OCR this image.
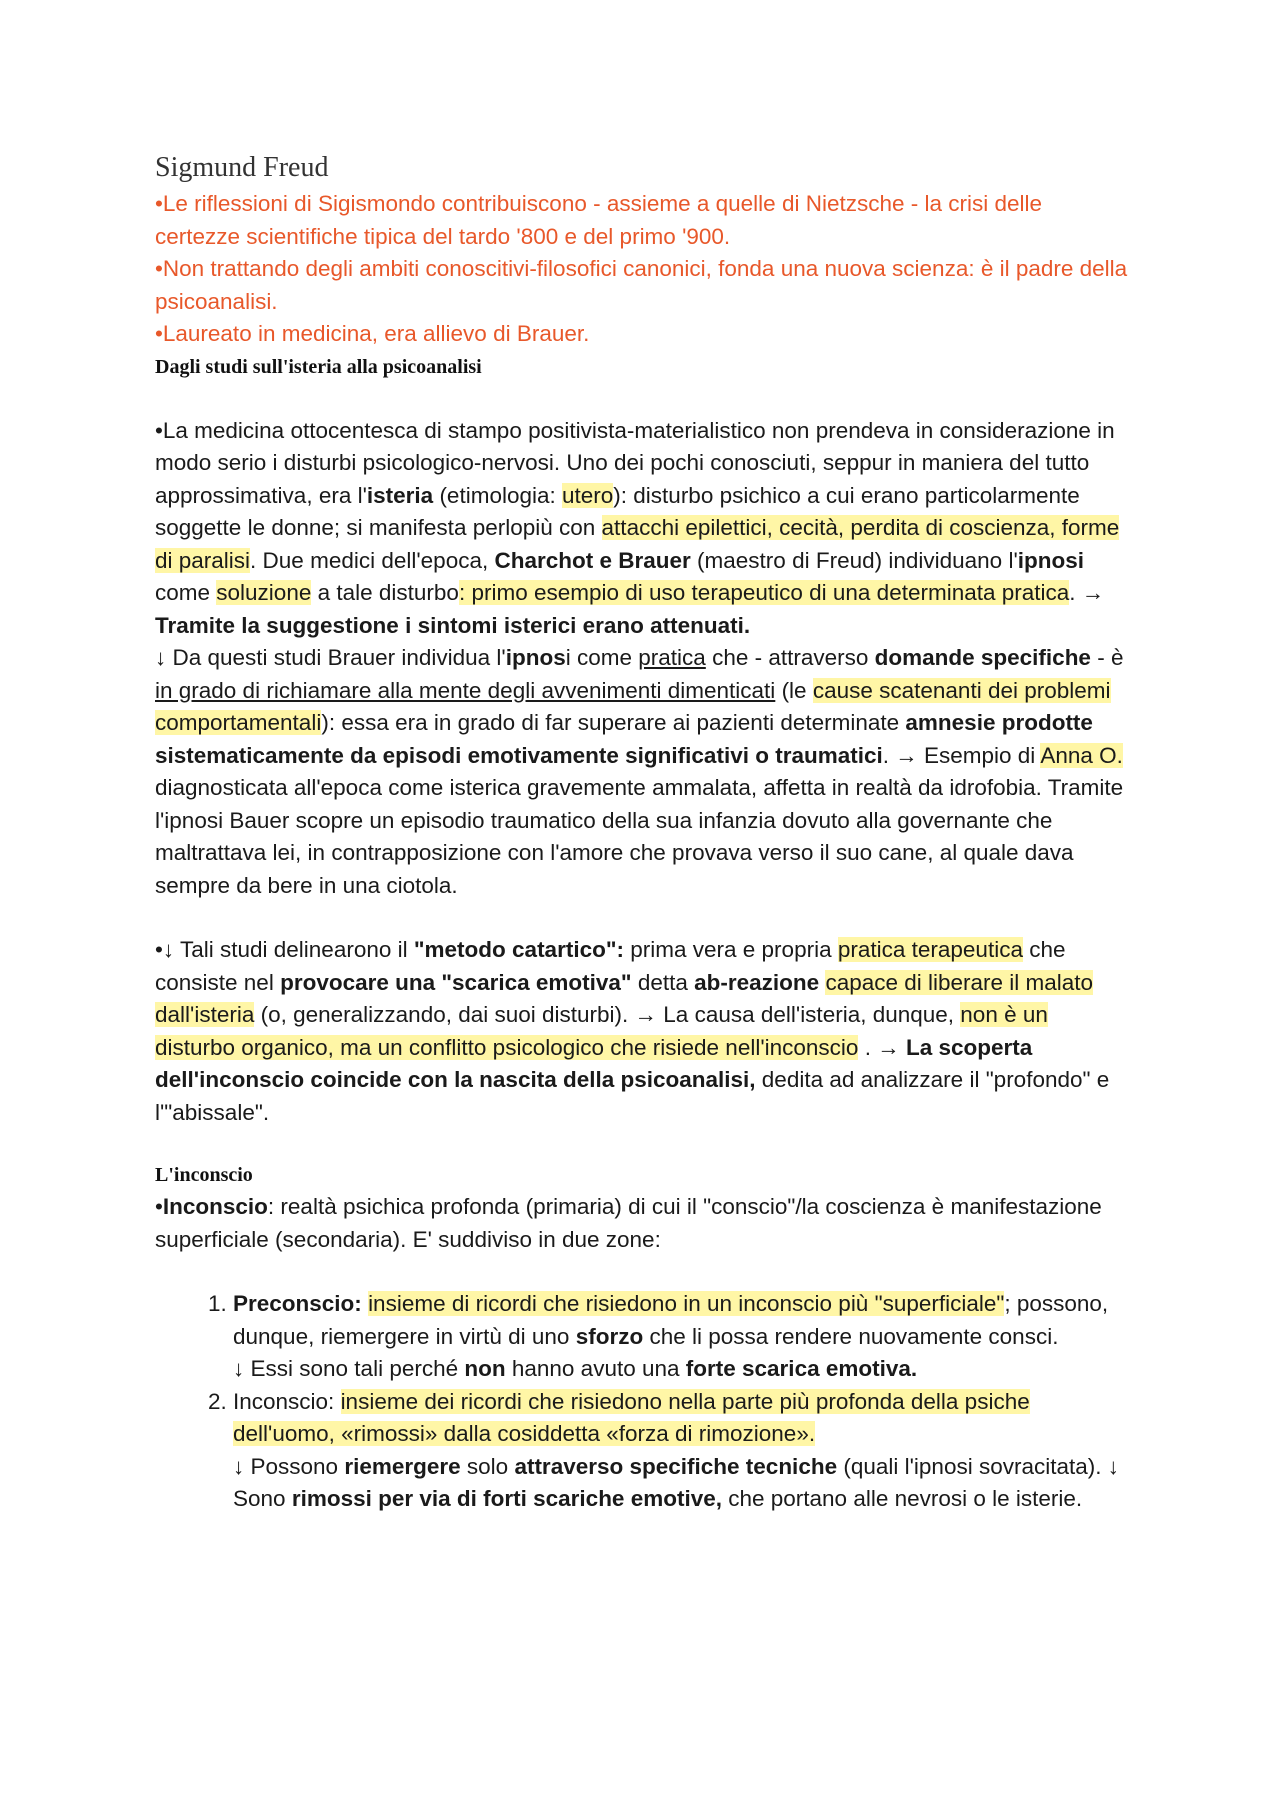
Sigmund Freud

•Le riflessioni di Sigismondo contribuiscono - assieme a quelle di Nietzsche - la crisi delle certezze scientifiche tipica del tardo '800 e del primo '900.

•Non trattando degli ambiti conoscitivi-filosofici canonici, fonda una nuova scienza: è il padre della psicoanalisi.

•Laureato in medicina, era allievo di Brauer.

Dagli studi sull'isteria alla psicoanalisi

•La medicina ottocentesca di stampo positivista-materialistico non prendeva in considerazione in modo serio i disturbi psicologico-nervosi. Uno dei pochi conosciuti, seppur in maniera del tutto approssimativa, era l'isteria (etimologia: utero): disturbo psichico a cui erano particolarmente soggette le donne; si manifesta perlopiù con attacchi epilettici, cecità, perdita di coscienza, forme di paralisi. Due medici dell'epoca, Charchot e Brauer (maestro di Freud) individuano l'ipnosi come soluzione a tale disturbo: primo esempio di uso terapeutico di una determinata pratica. → Tramite la suggestione i sintomi isterici erano attenuati.
↓ Da questi studi Brauer individua l'ipnosi come pratica che - attraverso domande specifiche - è in grado di richiamare alla mente degli avvenimenti dimenticati (le cause scatenanti dei problemi comportamentali): essa era in grado di far superare ai pazienti determinate amnesie prodotte sistematicamente da episodi emotivamente significativi o traumatici. → Esempio di Anna O. diagnosticata all'epoca come isterica gravemente ammalata, affetta in realtà da idrofobia. Tramite l'ipnosi Bauer scopre un episodio traumatico della sua infanzia dovuto alla governante che maltrattava lei, in contrapposizione con l'amore che provava verso il suo cane, al quale dava sempre da bere in una ciotola.

•↓ Tali studi delinearono il "metodo catartico": prima vera e propria pratica terapeutica che consiste nel provocare una "scarica emotiva" detta ab-reazione capace di liberare il malato dall'isteria (o, generalizzando, dai suoi disturbi). → La causa dell'isteria, dunque, non è un disturbo organico, ma un conflitto psicologico che risiede nell'inconscio . → La scoperta dell'inconscio coincide con la nascita della psicoanalisi, dedita ad analizzare il "profondo" e l'"abissale".

L'inconscio

•Inconscio: realtà psichica profonda (primaria) di cui il "conscio"/la coscienza è manifestazione superficiale (secondaria). E' suddiviso in due zone:

1. Preconscio: insieme di ricordi che risiedono in un inconscio più "superficiale"; possono, dunque, riemergere in virtù di uno sforzo che li possa rendere nuovamente consci.
↓ Essi sono tali perché non hanno avuto una forte scarica emotiva.
2. Inconscio: insieme dei ricordi che risiedono nella parte più profonda della psiche dell'uomo, «rimossi» dalla cosiddetta «forza di rimozione».
↓ Possono riemergere solo attraverso specifiche tecniche (quali l'ipnosi sovracitata). ↓ Sono rimossi per via di forti scariche emotive, che portano alle nevrosi o le isterie.
